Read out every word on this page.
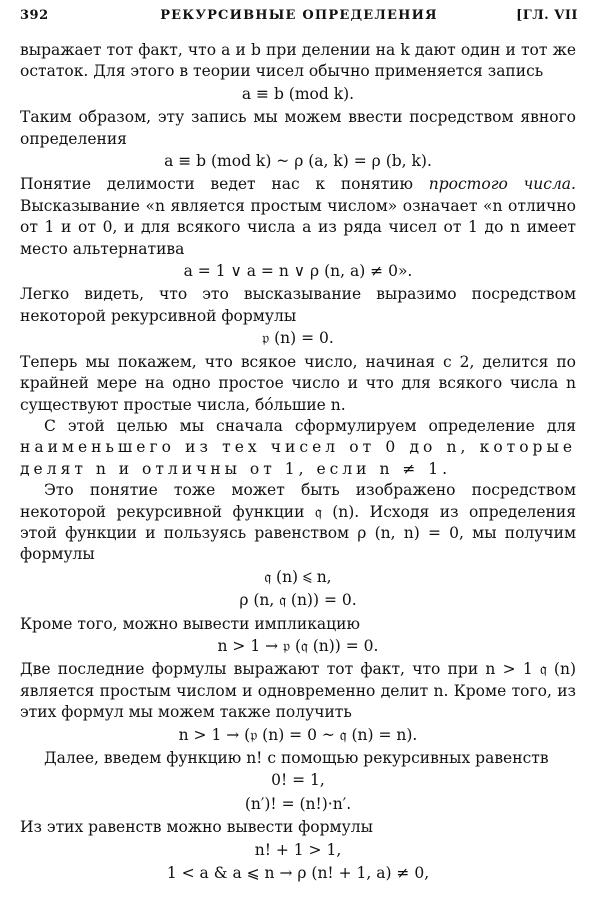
392	РЕКУРСИВНЫЕ ОПРЕДЕЛЕНИЯ	[ГЛ. VII

выражает тот факт, что a и b при делении на k дают один и тот же остаток. Для этого в теории чисел обычно применяется запись

a ≡ b (mod k).

Таким образом, эту запись мы можем ввести посредством явного определения

a ≡ b (mod k) ~ ρ (a, k) = ρ (b, k).

Понятие делимости ведет нас к понятию простого числа. Высказывание «n является простым числом» означает «n отлично от 1 и от 0, и для всякого числа a из ряда чисел от 1 до n имеет место альтернатива

a = 1 ∨ a = n ∨ ρ (n, a) ≠ 0».

Легко видеть, что это высказывание выразимо посредством некоторой рекурсивной формулы

𝔭 (n) = 0.

Теперь мы покажем, что всякое число, начиная с 2, делится по крайней мере на одно простое число и что для всякого числа n существуют простые числа, бóльшие n.

С этой целью мы сначала сформулируем определение для наименьшего из тех чисел от 0 до n, которые делят n и отличны от 1, если n ≠ 1.

Это понятие тоже может быть изображено посредством некоторой рекурсивной функции 𝔮 (n). Исходя из определения этой функции и пользуясь равенством ρ (n, n) = 0, мы получим формулы

𝔮 (n) ⩽ n,
ρ (n, 𝔮 (n)) = 0.

Кроме того, можно вывести импликацию

n > 1 → 𝔭 (𝔮 (n)) = 0.

Две последние формулы выражают тот факт, что при n > 1 𝔮 (n) является простым числом и одновременно делит n. Кроме того, из этих формул мы можем также получить

n > 1 → (𝔭 (n) = 0 ~ 𝔮 (n) = n).

Далее, введем функцию n! с помощью рекурсивных равенств

0! = 1,
(n′)! = (n!)·n′.

Из этих равенств можно вывести формулы

n! + 1 > 1,
1 < a & a ⩽ n → ρ (n! + 1, a) ≠ 0,
